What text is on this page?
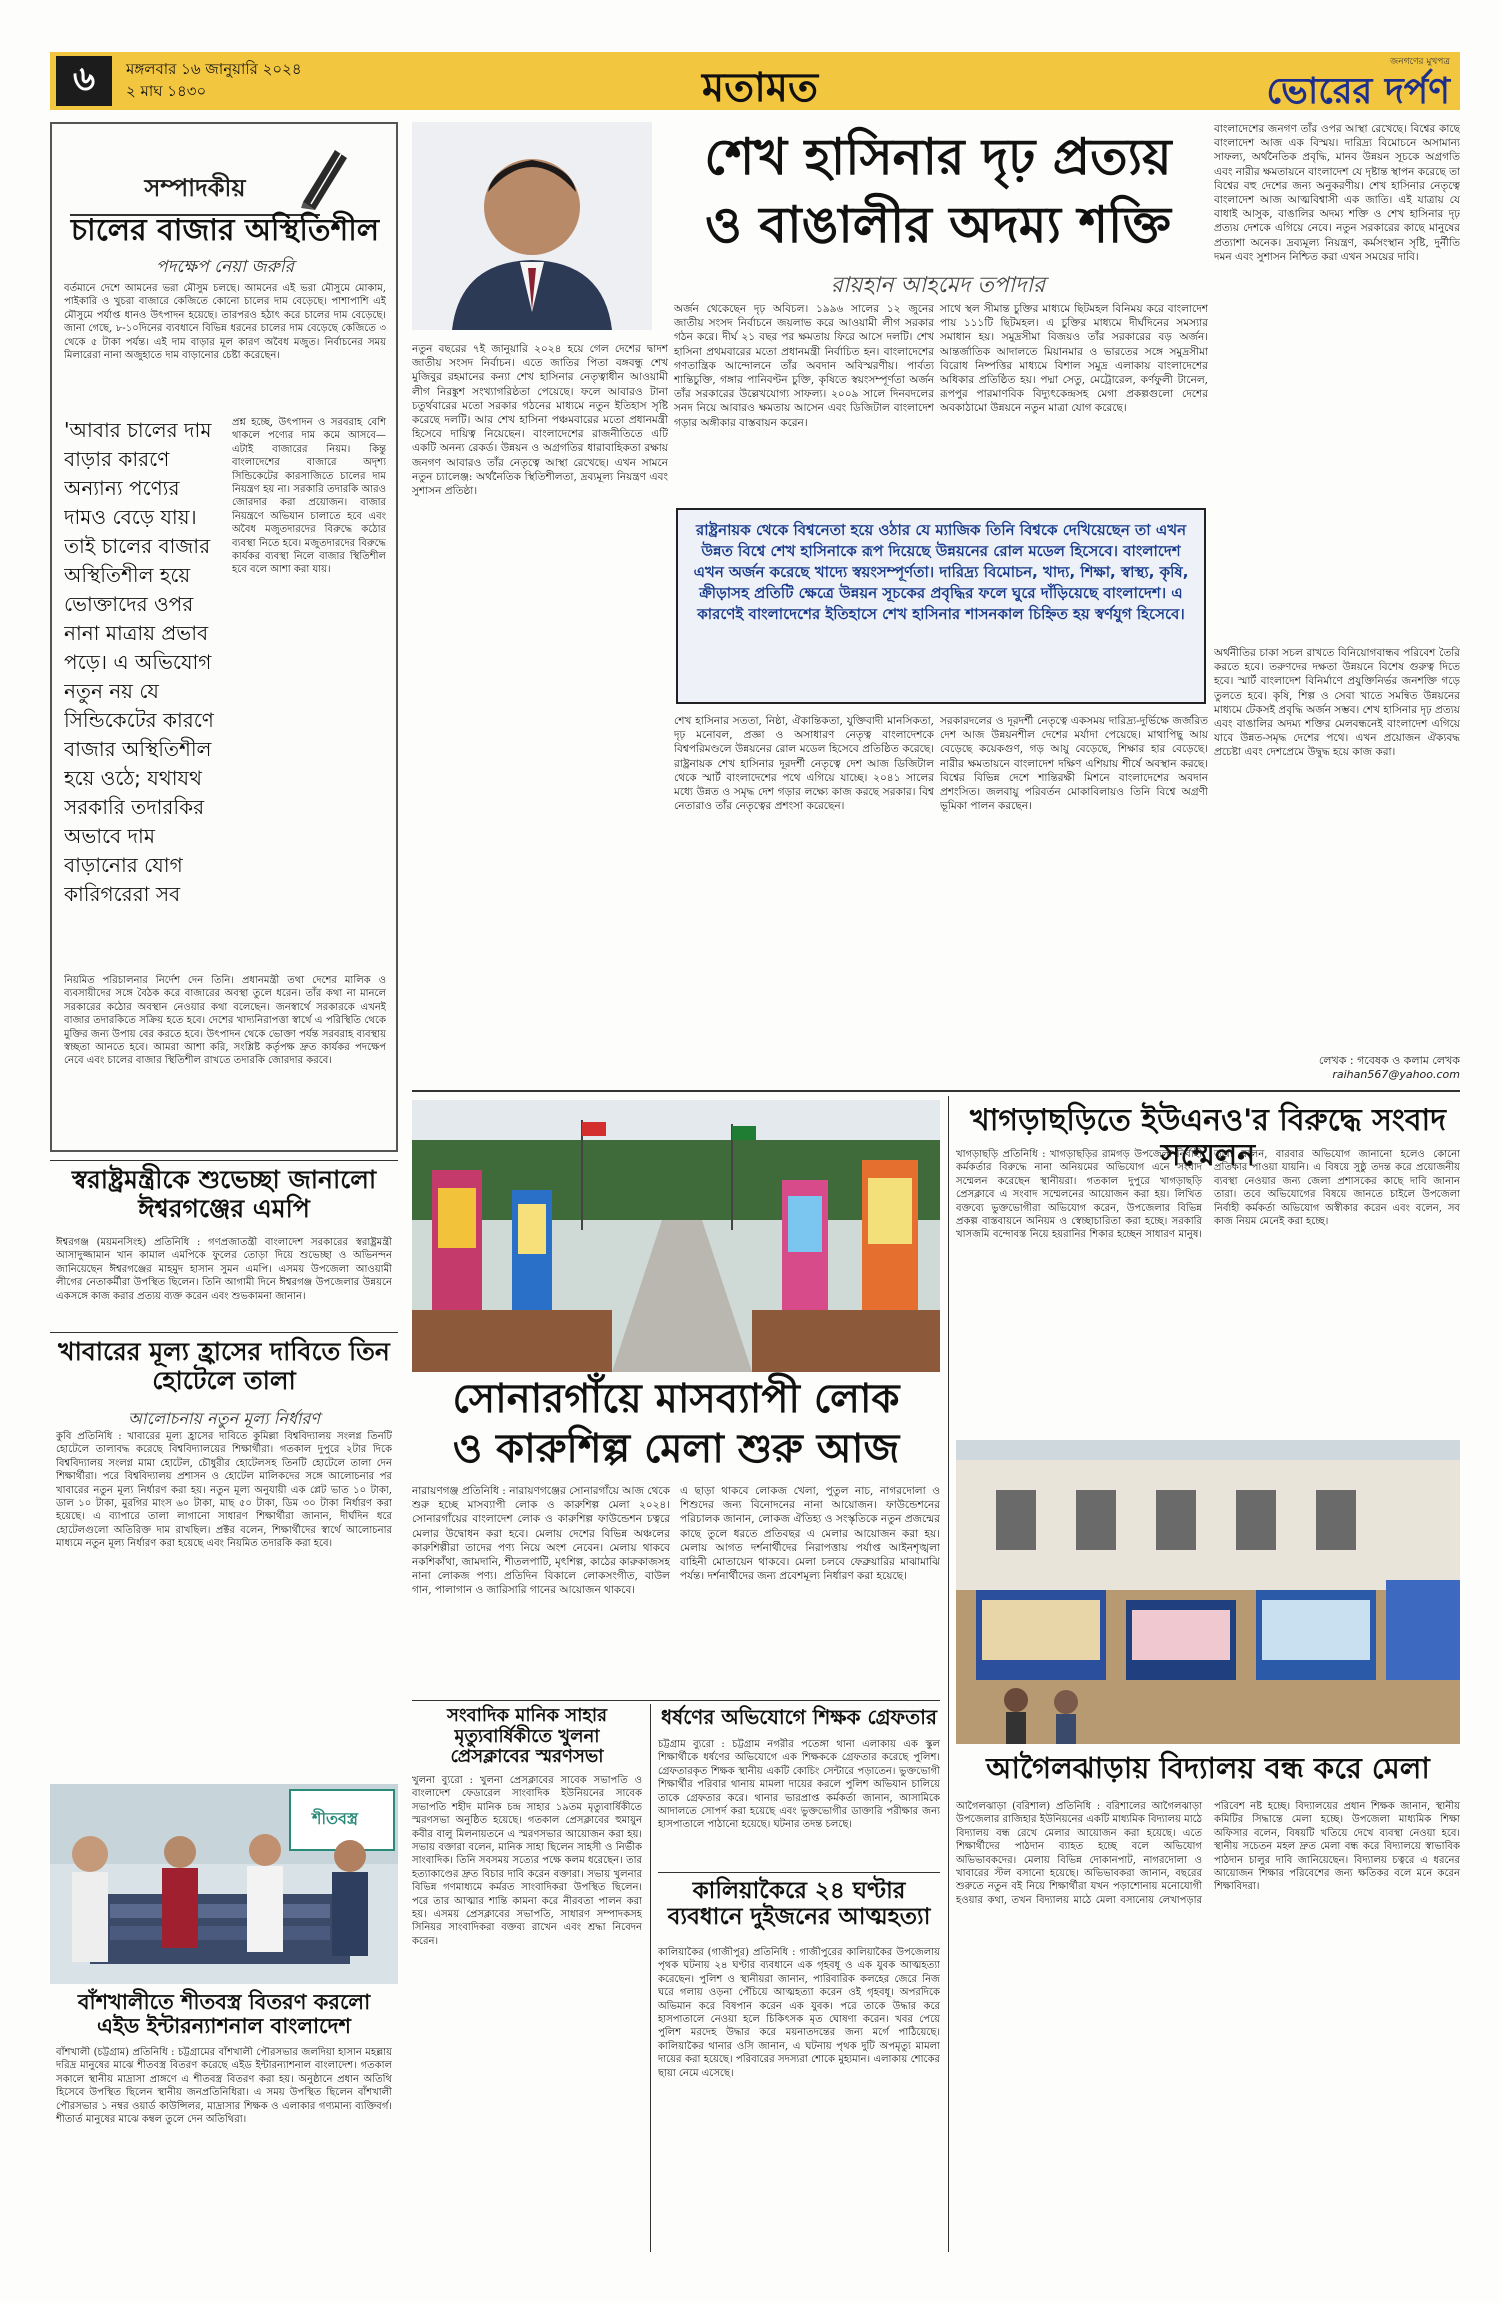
৬	মঙ্গলবার ১৬ জানুয়ারি ২০২৪
২ মাঘ ১৪৩০	মতামত
জনগণের মুখপত্র
ভোরের দর্পণ
সম্পাদকীয়
চালের বাজার অস্থিতিশীল
পদক্ষেপ নেয়া জরুরি

বর্তমানে দেশে আমনের ভরা মৌসুম চলছে। আমনের এই ভরা মৌসুমে মোকাম, পাইকারি ও খুচরা বাজারে কেজিতে কোনো চালের দাম বেড়েছে। পাশাপাশি এই মৌসুমে পর্যাপ্ত ধানও উৎপাদন হয়েছে। তারপরও হঠাৎ করে চালের দাম বেড়েছে। জানা গেছে, ৮-১০দিনের ব্যবধানে বিভিন্ন ধরনের চালের দাম বেড়েছে কেজিতে ৩ থেকে ৫ টাকা পর্যন্ত। এই দাম বাড়ার মূল কারণ অবৈধ মজুত। নির্বাচনের সময় মিলারেরা নানা অজুহাতে দাম বাড়ানোর চেষ্টা করেছেন।

'আবার চালের দাম বাড়ার কারণে অন্যান্য পণ্যের দামও বেড়ে যায়। তাই চালের বাজার অস্থিতিশীল হয়ে ভোক্তাদের ওপর নানা মাত্রায় প্রভাব পড়ে। এ অভিযোগ নতুন নয় যে সিন্ডিকেটের কারণে বাজার অস্থিতিশীল হয়ে ওঠে; যথাযথ সরকারি তদারকির অভাবে দাম বাড়ানোর যোগ কারিগরেরা সব

প্রশ্ন হচ্ছে, উৎপাদন ও সরবরাহ বেশি থাকলে পণ্যের দাম কমে আসবে—এটাই বাজারের নিয়ম। কিন্তু বাংলাদেশের বাজারে অদৃশ্য সিন্ডিকেটের কারসাজিতে চালের দাম নিয়ন্ত্রণ হয় না। সরকারি তদারকি আরও জোরদার করা প্রয়োজন। বাজার নিয়ন্ত্রণে অভিযান চালাতে হবে এবং অবৈধ মজুতদারদের বিরুদ্ধে কঠোর ব্যবস্থা নিতে হবে। মজুতদারদের বিরুদ্ধে কার্যকর ব্যবস্থা নিলে বাজার স্থিতিশীল হবে বলে আশা করা যায়।

নিয়মিত পরিচালনার নির্দেশ দেন তিনি। প্রধানমন্ত্রী তথা দেশের মালিক ও ব্যবসায়ীদের সঙ্গে বৈঠক করে বাজারের অবস্থা তুলে ধরেন। তাঁর কথা না মানলে সরকারের কঠোর অবস্থান নেওয়ার কথা বলেছেন। জনস্বার্থে সরকারকে এখনই বাজার তদারকিতে সক্রিয় হতে হবে। দেশের খাদ্যনিরাপত্তা স্বার্থে এ পরিস্থিতি থেকে মুক্তির জন্য উপায় বের করতে হবে। উৎপাদন থেকে ভোক্তা পর্যন্ত সরবরাহ ব্যবস্থায় স্বচ্ছতা আনতে হবে। আমরা আশা করি, সংশ্লিষ্ট কর্তৃপক্ষ দ্রুত কার্যকর পদক্ষেপ নেবে এবং চালের বাজার স্থিতিশীল রাখতে তদারকি জোরদার করবে।

শেখ হাসিনার দৃঢ় প্রত্যয়
ও বাঙালীর অদম্য শক্তি
রায়হান আহমেদ তপাদার

নতুন বছরের ৭ই জানুয়ারি ২০২৪ হয়ে গেল দেশের দ্বাদশ জাতীয় সংসদ নির্বাচন। এতে জাতির পিতা বঙ্গবন্ধু শেখ মুজিবুর রহমানের কন্যা শেখ হাসিনার নেতৃত্বাধীন আওয়ামী লীগ নিরঙ্কুশ সংখ্যাগরিষ্ঠতা পেয়েছে। ফলে আবারও টানা চতুর্থবারের মতো সরকার গঠনের মাধ্যমে নতুন ইতিহাস সৃষ্টি করেছে দলটি। আর শেখ হাসিনা পঞ্চমবারের মতো প্রধানমন্ত্রী হিসেবে দায়িত্ব নিয়েছেন। বাংলাদেশের রাজনীতিতে এটি একটি অনন্য রেকর্ড। উন্নয়ন ও অগ্রগতির ধারাবাহিকতা রক্ষায় জনগণ আবারও তাঁর নেতৃত্বে আস্থা রেখেছে। এখন সামনে নতুন চ্যালেঞ্জ: অর্থনৈতিক স্থিতিশীলতা, দ্রব্যমূল্য নিয়ন্ত্রণ এবং সুশাসন প্রতিষ্ঠা।

অর্জন থেকেছেন দৃঢ় অবিচল। ১৯৯৬ সালের ১২ জুনের জাতীয় সংসদ নির্বাচনে জয়লাভ করে আওয়ামী লীগ সরকার গঠন করে। দীর্ঘ ২১ বছর পর ক্ষমতায় ফিরে আসে দলটি। শেখ হাসিনা প্রথমবারের মতো প্রধানমন্ত্রী নির্বাচিত হন। বাংলাদেশের গণতান্ত্রিক আন্দোলনে তাঁর অবদান অবিস্মরণীয়। পার্বত্য শান্তিচুক্তি, গঙ্গার পানিবণ্টন চুক্তি, কৃষিতে স্বয়ংসম্পূর্ণতা অর্জন তাঁর সরকারের উল্লেখযোগ্য সাফল্য। ২০০৯ সালে দিনবদলের সনদ নিয়ে আবারও ক্ষমতায় আসেন এবং ডিজিটাল বাংলাদেশ গড়ার অঙ্গীকার বাস্তবায়ন করেন।

সাথে স্থল সীমান্ত চুক্তির মাধ্যমে ছিটমহল বিনিময় করে বাংলাদেশ পায় ১১১টি ছিটমহল। এ চুক্তির মাধ্যমে দীর্ঘদিনের সমস্যার সমাধান হয়। সমুদ্রসীমা বিজয়ও তাঁর সরকারের বড় অর্জন। আন্তর্জাতিক আদালতে মিয়ানমার ও ভারতের সঙ্গে সমুদ্রসীমা বিরোধ নিষ্পত্তির মাধ্যমে বিশাল সমুদ্র এলাকায় বাংলাদেশের অধিকার প্রতিষ্ঠিত হয়। পদ্মা সেতু, মেট্রোরেল, কর্ণফুলী টানেল, রূপপুর পারমাণবিক বিদ্যুৎকেন্দ্রসহ মেগা প্রকল্পগুলো দেশের অবকাঠামো উন্নয়নে নতুন মাত্রা যোগ করেছে।

রাষ্ট্রনায়ক থেকে বিশ্বনেতা হয়ে ওঠার যে ম্যাজিক তিনি বিশ্বকে দেখিয়েছেন তা এখন উন্নত বিশ্বে শেখ হাসিনাকে রূপ দিয়েছে উন্নয়নের রোল মডেল হিসেবে। বাংলাদেশ এখন অর্জন করেছে খাদ্যে স্বয়ংসম্পূর্ণতা। দারিদ্র্য বিমোচন, খাদ্য, শিক্ষা, স্বাস্থ্য, কৃষি, ক্রীড়াসহ প্রতিটি ক্ষেত্রে উন্নয়ন সূচকের প্রবৃদ্ধির ফলে ঘুরে দাঁড়িয়েছে বাংলাদেশ। এ কারণেই বাংলাদেশের ইতিহাসে শেখ হাসিনার শাসনকাল চিহ্নিত হয় স্বর্ণযুগ হিসেবে।

শেখ হাসিনার সততা, নিষ্ঠা, ঐকান্তিকতা, যুক্তিবাদী মানসিকতা, দৃঢ় মনোবল, প্রজ্ঞা ও অসাধারণ নেতৃত্ব বাংলাদেশকে বিশ্বপরিমণ্ডলে উন্নয়নের রোল মডেল হিসেবে প্রতিষ্ঠিত করেছে। রাষ্ট্রনায়ক শেখ হাসিনার দূরদর্শী নেতৃত্বে দেশ আজ ডিজিটাল থেকে স্মার্ট বাংলাদেশের পথে এগিয়ে যাচ্ছে। ২০৪১ সালের মধ্যে উন্নত ও সমৃদ্ধ দেশ গড়ার লক্ষ্যে কাজ করছে সরকার। বিশ্ব নেতারাও তাঁর নেতৃত্বের প্রশংসা করেছেন।

সরকারদলের ও দূরদর্শী নেতৃত্বে একসময় দারিদ্র্য-দুর্ভিক্ষে জর্জরিত দেশ আজ উন্নয়নশীল দেশের মর্যাদা পেয়েছে। মাথাপিছু আয় বেড়েছে কয়েকগুণ, গড় আয়ু বেড়েছে, শিক্ষার হার বেড়েছে। নারীর ক্ষমতায়নে বাংলাদেশ দক্ষিণ এশিয়ায় শীর্ষে অবস্থান করছে। বিশ্বের বিভিন্ন দেশে শান্তিরক্ষী মিশনে বাংলাদেশের অবদান প্রশংসিত। জলবায়ু পরিবর্তন মোকাবিলায়ও তিনি বিশ্বে অগ্রণী ভূমিকা পালন করছেন।

বাংলাদেশের জনগণ তাঁর ওপর আস্থা রেখেছে। বিশ্বের কাছে বাংলাদেশ আজ এক বিস্ময়। দারিদ্র্য বিমোচনে অসামান্য সাফল্য, অর্থনৈতিক প্রবৃদ্ধি, মানব উন্নয়ন সূচকে অগ্রগতি এবং নারীর ক্ষমতায়নে বাংলাদেশ যে দৃষ্টান্ত স্থাপন করেছে তা বিশ্বের বহু দেশের জন্য অনুকরণীয়। শেখ হাসিনার নেতৃত্বে বাংলাদেশ আজ আত্মবিশ্বাসী এক জাতি। এই যাত্রায় যে বাধাই আসুক, বাঙালির অদম্য শক্তি ও শেখ হাসিনার দৃঢ় প্রত্যয় দেশকে এগিয়ে নেবে। নতুন সরকারের কাছে মানুষের প্রত্যাশা অনেক। দ্রব্যমূল্য নিয়ন্ত্রণ, কর্মসংস্থান সৃষ্টি, দুর্নীতি দমন এবং সুশাসন নিশ্চিত করা এখন সময়ের দাবি।

অর্থনীতির চাকা সচল রাখতে বিনিয়োগবান্ধব পরিবেশ তৈরি করতে হবে। তরুণদের দক্ষতা উন্নয়নে বিশেষ গুরুত্ব দিতে হবে। স্মার্ট বাংলাদেশ বিনির্মাণে প্রযুক্তিনির্ভর জনশক্তি গড়ে তুলতে হবে। কৃষি, শিল্প ও সেবা খাতে সমন্বিত উন্নয়নের মাধ্যমে টেকসই প্রবৃদ্ধি অর্জন সম্ভব। শেখ হাসিনার দৃঢ় প্রত্যয় এবং বাঙালির অদম্য শক্তির মেলবন্ধনেই বাংলাদেশ এগিয়ে যাবে উন্নত-সমৃদ্ধ দেশের পথে। এখন প্রয়োজন ঐক্যবদ্ধ প্রচেষ্টা এবং দেশপ্রেমে উদ্বুদ্ধ হয়ে কাজ করা।

লেখক : গবেষক ও কলাম লেখক
raihan567@yahoo.com
স্বরাষ্ট্রমন্ত্রীকে শুভেচ্ছা জানালো ঈশ্বরগঞ্জের এমপি

ঈশ্বরগঞ্জ (ময়মনসিংহ) প্রতিনিধি : গণপ্রজাতন্ত্রী বাংলাদেশ সরকারের স্বরাষ্ট্রমন্ত্রী আসাদুজ্জামান খান কামাল এমপিকে ফুলের তোড়া দিয়ে শুভেচ্ছা ও অভিনন্দন জানিয়েছেন ঈশ্বরগঞ্জের মাহমুদ হাসান সুমন এমপি। এসময় উপজেলা আওয়ামী লীগের নেতাকর্মীরা উপস্থিত ছিলেন। তিনি আগামী দিনে ঈশ্বরগঞ্জ উপজেলার উন্নয়নে একসঙ্গে কাজ করার প্রত্যয় ব্যক্ত করেন এবং শুভকামনা জানান।

খাবারের মূল্য হ্রাসের দাবিতে তিন হোটেলে তালা
আলোচনায় নতুন মূল্য নির্ধারণ

কুবি প্রতিনিধি : খাবারের মূল্য হ্রাসের দাবিতে কুমিল্লা বিশ্ববিদ্যালয় সংলগ্ন তিনটি হোটেলে তালাবদ্ধ করেছে বিশ্ববিদ্যালয়ের শিক্ষার্থীরা। গতকাল দুপুরে ২টার দিকে বিশ্ববিদ্যালয় সংলগ্ন মামা হোটেল, চৌধুরীর হোটেলসহ তিনটি হোটেলে তালা দেন শিক্ষার্থীরা। পরে বিশ্ববিদ্যালয় প্রশাসন ও হোটেল মালিকদের সঙ্গে আলোচনার পর খাবারের নতুন মূল্য নির্ধারণ করা হয়। নতুন মূল্য অনুযায়ী এক প্লেট ভাত ১০ টাকা, ডাল ১০ টাকা, মুরগির মাংস ৬০ টাকা, মাছ ৫০ টাকা, ডিম ৩০ টাকা নির্ধারণ করা হয়েছে। এ ব্যাপারে তালা লাগানো সাধারণ শিক্ষার্থীরা জানান, দীর্ঘদিন ধরে হোটেলগুলো অতিরিক্ত দাম রাখছিল। প্রক্টর বলেন, শিক্ষার্থীদের স্বার্থে আলোচনার মাধ্যমে নতুন মূল্য নির্ধারণ করা হয়েছে এবং নিয়মিত তদারকি করা হবে।

শীতবস্ত্র
বাঁশখালীতে শীতবস্ত্র বিতরণ করলো এইড ইন্টারন্যাশনাল বাংলাদেশ

বাঁশখালী (চট্টগ্রাম) প্রতিনিধি : চট্টগ্রামের বাঁশখালী পৌরসভার জলদিয়া হাসান মহল্লায় দরিদ্র মানুষের মাঝে শীতবস্ত্র বিতরণ করেছে এইড ইন্টারন্যাশনাল বাংলাদেশ। গতকাল সকালে স্থানীয় মাদ্রাসা প্রাঙ্গণে এ শীতবস্ত্র বিতরণ করা হয়। অনুষ্ঠানে প্রধান অতিথি হিসেবে উপস্থিত ছিলেন স্থানীয় জনপ্রতিনিধিরা। এ সময় উপস্থিত ছিলেন বাঁশখালী পৌরসভার ১ নম্বর ওয়ার্ড কাউন্সিলর, মাদ্রাসার শিক্ষক ও এলাকার গণ্যমান্য ব্যক্তিবর্গ। শীতার্ত মানুষের মাঝে কম্বল তুলে দেন অতিথিরা।

সোনারগাঁয়ে মাসব্যাপী লোক
ও কারুশিল্প মেলা শুরু আজ

নারায়ণগঞ্জ প্রতিনিধি : নারায়ণগঞ্জের সোনারগাঁয়ে আজ থেকে শুরু হচ্ছে মাসব্যাপী লোক ও কারুশিল্প মেলা ২০২৪। সোনারগাঁয়ের বাংলাদেশ লোক ও কারুশিল্প ফাউন্ডেশন চত্বরে মেলার উদ্বোধন করা হবে। মেলায় দেশের বিভিন্ন অঞ্চলের কারুশিল্পীরা তাদের পণ্য নিয়ে অংশ নেবেন। মেলায় থাকবে নকশিকাঁথা, জামদানি, শীতলপাটি, মৃৎশিল্প, কাঠের কারুকাজসহ নানা লোকজ পণ্য। প্রতিদিন বিকালে লোকসংগীত, বাউল গান, পালাগান ও জারিসারি গানের আয়োজন থাকবে।

এ ছাড়া থাকবে লোকজ খেলা, পুতুল নাচ, নাগরদোলা ও শিশুদের জন্য বিনোদনের নানা আয়োজন। ফাউন্ডেশনের পরিচালক জানান, লোকজ ঐতিহ্য ও সংস্কৃতিকে নতুন প্রজন্মের কাছে তুলে ধরতে প্রতিবছর এ মেলার আয়োজন করা হয়। মেলায় আগত দর্শনার্থীদের নিরাপত্তায় পর্যাপ্ত আইনশৃঙ্খলা বাহিনী মোতায়েন থাকবে। মেলা চলবে ফেব্রুয়ারির মাঝামাঝি পর্যন্ত। দর্শনার্থীদের জন্য প্রবেশমূল্য নির্ধারণ করা হয়েছে।

সংবাদিক মানিক সাহার মৃত্যুবার্ষিকীতে খুলনা প্রেসক্লাবের স্মরণসভা

খুলনা ব্যুরো : খুলনা প্রেসক্লাবের সাবেক সভাপতি ও বাংলাদেশ ফেডারেল সাংবাদিক ইউনিয়নের সাবেক সভাপতি শহীদ মানিক চন্দ্র সাহার ১৯তম মৃত্যুবার্ষিকীতে স্মরণসভা অনুষ্ঠিত হয়েছে। গতকাল প্রেসক্লাবের হুমায়ুন কবীর বালু মিলনায়তনে এ স্মরণসভার আয়োজন করা হয়। সভায় বক্তারা বলেন, মানিক সাহা ছিলেন সাহসী ও নির্ভীক সাংবাদিক। তিনি সবসময় সত্যের পক্ষে কলম ধরেছেন। তার হত্যাকাণ্ডের দ্রুত বিচার দাবি করেন বক্তারা। সভায় খুলনার বিভিন্ন গণমাধ্যমে কর্মরত সাংবাদিকরা উপস্থিত ছিলেন। পরে তার আত্মার শান্তি কামনা করে নীরবতা পালন করা হয়। এসময় প্রেসক্লাবের সভাপতি, সাধারণ সম্পাদকসহ সিনিয়র সাংবাদিকরা বক্তব্য রাখেন এবং শ্রদ্ধা নিবেদন করেন।

ধর্ষণের অভিযোগে শিক্ষক গ্রেফতার

চট্টগ্রাম ব্যুরো : চট্টগ্রাম নগরীর পতেঙ্গা থানা এলাকায় এক স্কুল শিক্ষার্থীকে ধর্ষণের অভিযোগে এক শিক্ষককে গ্রেফতার করেছে পুলিশ। গ্রেফতারকৃত শিক্ষক স্থানীয় একটি কোচিং সেন্টারে পড়াতেন। ভুক্তভোগী শিক্ষার্থীর পরিবার থানায় মামলা দায়ের করলে পুলিশ অভিযান চালিয়ে তাকে গ্রেফতার করে। থানার ভারপ্রাপ্ত কর্মকর্তা জানান, আসামিকে আদালতে সোপর্দ করা হয়েছে এবং ভুক্তভোগীর ডাক্তারি পরীক্ষার জন্য হাসপাতালে পাঠানো হয়েছে। ঘটনার তদন্ত চলছে।

কালিয়াকৈরে ২৪ ঘণ্টার ব্যবধানে দুইজনের আত্মহত্যা

কালিয়াকৈর (গাজীপুর) প্রতিনিধি : গাজীপুরের কালিয়াকৈর উপজেলায় পৃথক ঘটনায় ২৪ ঘণ্টার ব্যবধানে এক গৃহবধূ ও এক যুবক আত্মহত্যা করেছেন। পুলিশ ও স্থানীয়রা জানান, পারিবারিক কলহের জেরে নিজ ঘরে গলায় ওড়না পেঁচিয়ে আত্মহত্যা করেন ওই গৃহবধূ। অপরদিকে অভিমান করে বিষপান করেন এক যুবক। পরে তাকে উদ্ধার করে হাসপাতালে নেওয়া হলে চিকিৎসক মৃত ঘোষণা করেন। খবর পেয়ে পুলিশ মরদেহ উদ্ধার করে ময়নাতদন্তের জন্য মর্গে পাঠিয়েছে। কালিয়াকৈর থানার ওসি জানান, এ ঘটনায় পৃথক দুটি অপমৃত্যু মামলা দায়ের করা হয়েছে। পরিবারের সদস্যরা শোকে মুহ্যমান। এলাকায় শোকের ছায়া নেমে এসেছে।

খাগড়াছড়িতে ইউএনও'র বিরুদ্ধে সংবাদ সম্মেলন

খাগড়াছড়ি প্রতিনিধি : খাগড়াছড়ির রামগড় উপজেলা নির্বাহী কর্মকর্তার বিরুদ্ধে নানা অনিয়মের অভিযোগ এনে সংবাদ সম্মেলন করেছেন স্থানীয়রা। গতকাল দুপুরে খাগড়াছড়ি প্রেসক্লাবে এ সংবাদ সম্মেলনের আয়োজন করা হয়। লিখিত বক্তব্যে ভুক্তভোগীরা অভিযোগ করেন, উপজেলার বিভিন্ন প্রকল্প বাস্তবায়নে অনিয়ম ও স্বেচ্ছাচারিতা করা হচ্ছে। সরকারি খাসজমি বন্দোবস্ত নিয়ে হয়রানির শিকার হচ্ছেন সাধারণ মানুষ। তারা বলেন, বারবার অভিযোগ জানানো হলেও কোনো প্রতিকার পাওয়া যায়নি। এ বিষয়ে সুষ্ঠু তদন্ত করে প্রয়োজনীয় ব্যবস্থা নেওয়ার জন্য জেলা প্রশাসকের কাছে দাবি জানান তারা। তবে অভিযোগের বিষয়ে জানতে চাইলে উপজেলা নির্বাহী কর্মকর্তা অভিযোগ অস্বীকার করেন এবং বলেন, সব কাজ নিয়ম মেনেই করা হচ্ছে।

আগৈলঝাড়ায় বিদ্যালয় বন্ধ করে মেলা

আগৈলঝাড়া (বরিশাল) প্রতিনিধি : বরিশালের আগৈলঝাড়া উপজেলার রাজিহার ইউনিয়নের একটি মাধ্যমিক বিদ্যালয় মাঠে বিদ্যালয় বন্ধ রেখে মেলার আয়োজন করা হয়েছে। এতে শিক্ষার্থীদের পাঠদান ব্যাহত হচ্ছে বলে অভিযোগ অভিভাবকদের। মেলায় বিভিন্ন দোকানপাট, নাগরদোলা ও খাবারের স্টল বসানো হয়েছে। অভিভাবকরা জানান, বছরের শুরুতে নতুন বই নিয়ে শিক্ষার্থীরা যখন পড়াশোনায় মনোযোগী হওয়ার কথা, তখন বিদ্যালয় মাঠে মেলা বসানোয় লেখাপড়ার পরিবেশ নষ্ট হচ্ছে। বিদ্যালয়ের প্রধান শিক্ষক জানান, স্থানীয় কমিটির সিদ্ধান্তে মেলা হচ্ছে। উপজেলা মাধ্যমিক শিক্ষা অফিসার বলেন, বিষয়টি খতিয়ে দেখে ব্যবস্থা নেওয়া হবে। স্থানীয় সচেতন মহল দ্রুত মেলা বন্ধ করে বিদ্যালয়ে স্বাভাবিক পাঠদান চালুর দাবি জানিয়েছেন। বিদ্যালয় চত্বরে এ ধরনের আয়োজন শিক্ষার পরিবেশের জন্য ক্ষতিকর বলে মনে করেন শিক্ষাবিদরা।
